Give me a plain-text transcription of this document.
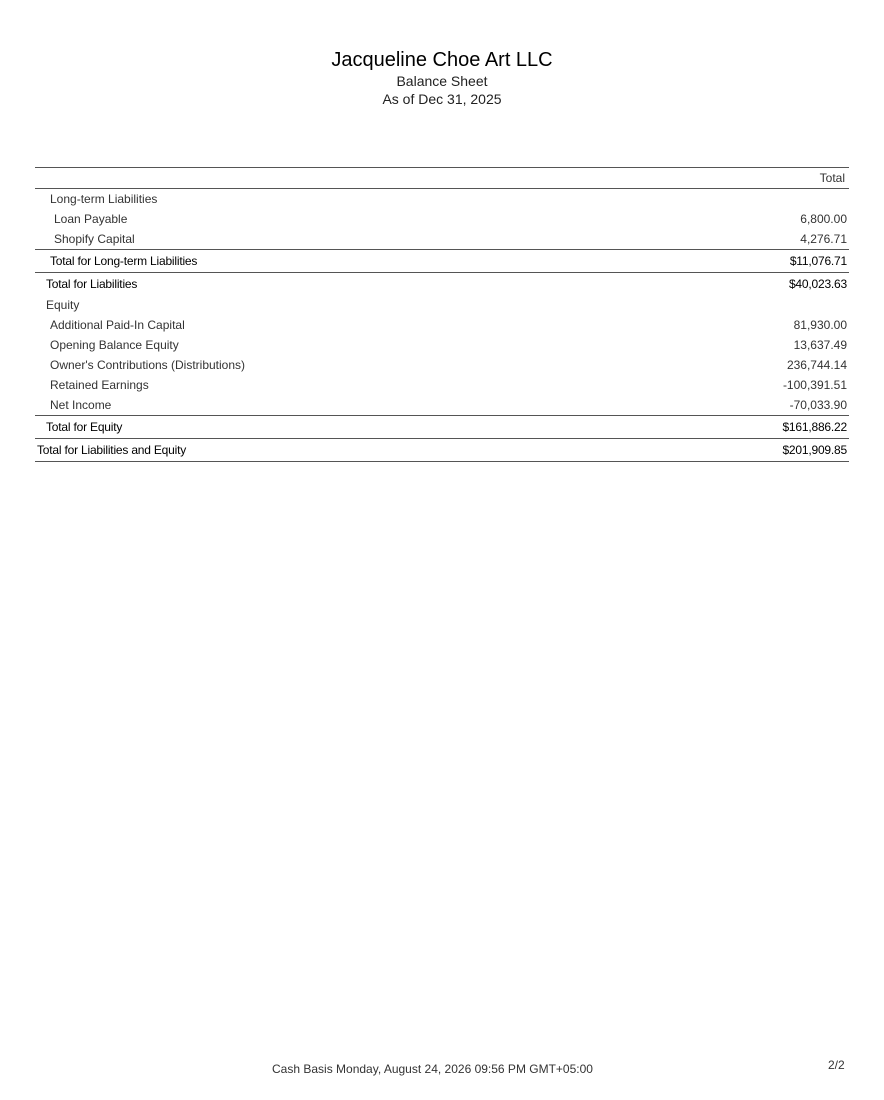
Jacqueline Choe Art LLC
Balance Sheet
As of Dec 31, 2025
Total
Long-term Liabilities
Loan Payable	6,800.00
Shopify Capital	4,276.71
Total for Long-term Liabilities	$11,076.71
Total for Liabilities	$40,023.63
Equity
Additional Paid-In Capital	81,930.00
Opening Balance Equity	13,637.49
Owner's Contributions (Distributions)	236,744.14
Retained Earnings	-100,391.51
Net Income	-70,033.90
Total for Equity	$161,886.22
Total for Liabilities and Equity	$201,909.85
Cash Basis Monday, August 24, 2026 09:56 PM GMT+05:00	2/2
